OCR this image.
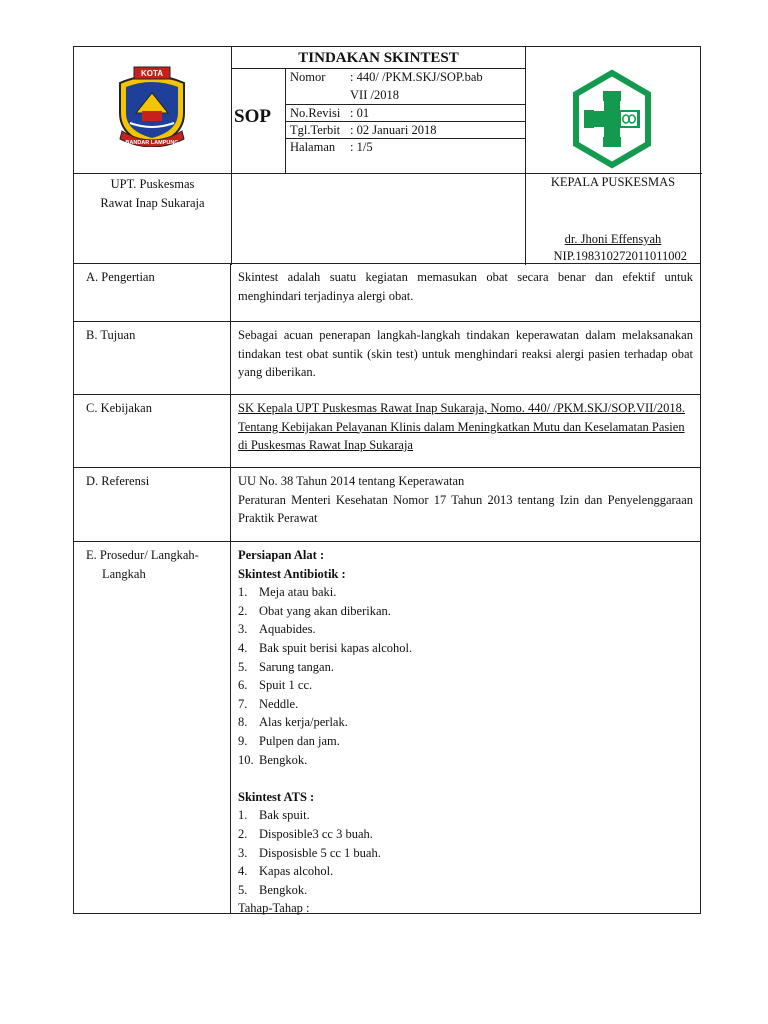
KOTA
BANDAR LAMPUNG
TINDAKAN SKINTEST
SOP
Nomor : 440/ /PKM.SKJ/SOP.bab
VII /2018
No.Revisi : 01
Tgl.Terbit : 02 Januari 2018
Halaman : 1/5
UPT. Puskesmas
Rawat Inap Sukaraja
KEPALA PUSKESMAS
dr. Jhoni Effensyah
NIP.198310272011011002
A. Pengertian	Skintest adalah suatu kegiatan memasukan obat secara benar dan efektif untuk menghindari terjadinya alergi obat.
B. Tujuan	Sebagai acuan penerapan langkah-langkah tindakan keperawatan dalam melaksanakan tindakan test obat suntik (skin test) untuk menghindari reaksi alergi pasien terhadap obat yang diberikan.
C. Kebijakan	SK Kepala UPT Puskesmas Rawat Inap Sukaraja, Nomo. 440/ /PKM.SKJ/SOP.VII/2018. Tentang Kebijakan Pelayanan Klinis dalam Meningkatkan Mutu dan Keselamatan Pasien di Puskesmas Rawat Inap Sukaraja
D. Referensi	UU No. 38 Tahun 2014 tentang Keperawatan
Peraturan Menteri Kesehatan Nomor 17 Tahun 2013 tentang Izin dan Penyelenggaraan Praktik Perawat
E. Prosedur/ Langkah-
Langkah
Persiapan Alat :
Skintest Antibiotik :
1. Meja atau baki.
2. Obat yang akan diberikan.
3. Aquabides.
4. Bak spuit berisi kapas alcohol.
5. Sarung tangan.
6. Spuit 1 cc.
7. Neddle.
8. Alas kerja/perlak.
9. Pulpen dan jam.
10. Bengkok.
Skintest ATS :
1. Bak spuit.
2. Disposible3 cc 3 buah.
3. Disposisble 5 cc 1 buah.
4. Kapas alcohol.
5. Bengkok.
Tahap-Tahap :
